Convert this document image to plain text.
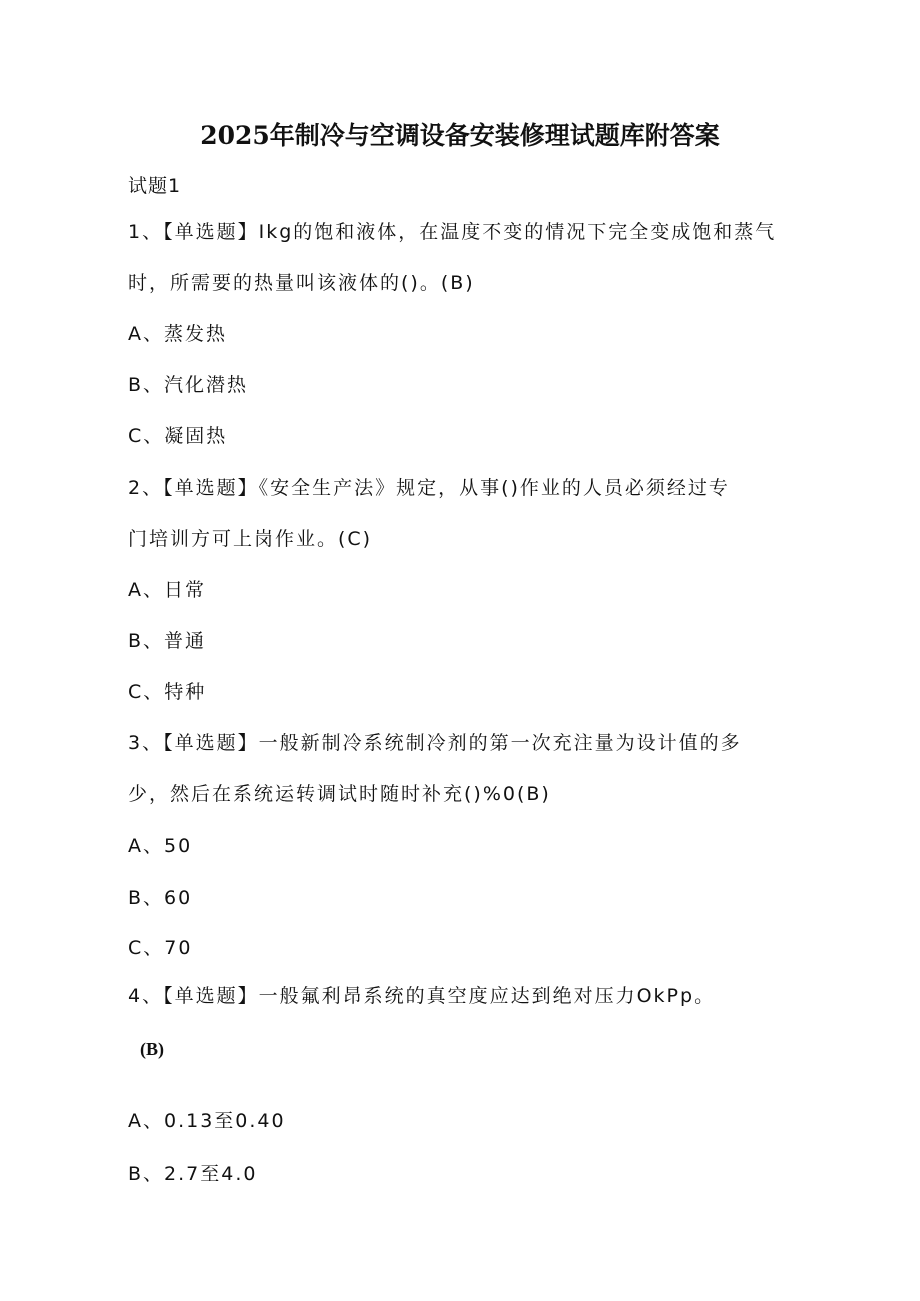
2025年制冷与空调设备安装修理试题库附答案
试题1
1、【单选题】Ikg的饱和液体，在温度不变的情况下完全变成饱和蒸气
时，所需要的热量叫该液体的()。(B)
A、蒸发热
B、汽化潜热
C、凝固热
2、【单选题】《安全生产法》规定，从事()作业的人员必须经过专
门培训方可上岗作业。(C)
A、日常
B、普通
C、特种
3、【单选题】一般新制冷系统制冷剂的第一次充注量为设计值的多
少，然后在系统运转调试时随时补充()%0(B)
A、50
B、60
C、70
4、【单选题】一般氟利昂系统的真空度应达到绝对压力OkPp。
(B)
A、0.13至0.40
B、2.7至4.0
